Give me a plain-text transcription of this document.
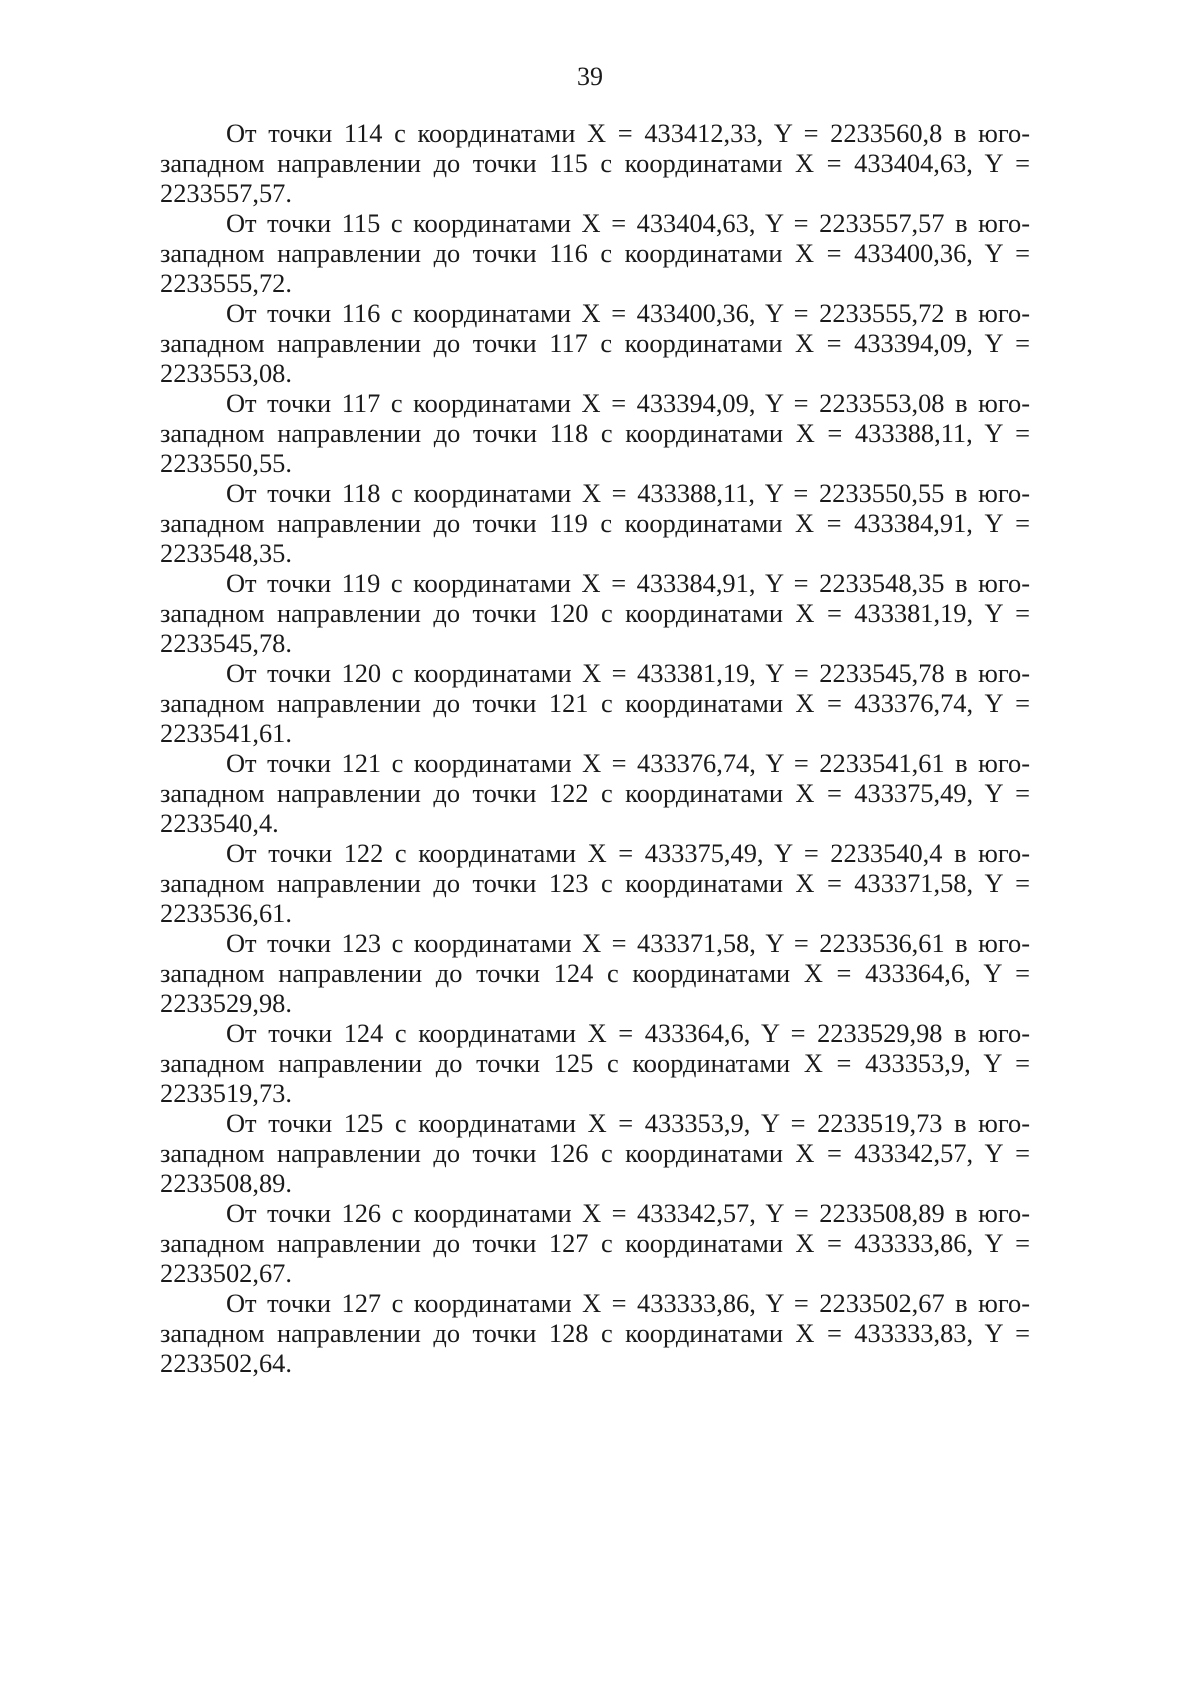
39

От точки 114 с координатами X = 433412,33, Y = 2233560,8 в юго-западном направлении до точки 115 с координатами X = 433404,63, Y = 2233557,57.

От точки 115 с координатами X = 433404,63, Y = 2233557,57 в юго-западном направлении до точки 116 с координатами X = 433400,36, Y = 2233555,72.

От точки 116 с координатами X = 433400,36, Y = 2233555,72 в юго-западном направлении до точки 117 с координатами X = 433394,09, Y = 2233553,08.

От точки 117 с координатами X = 433394,09, Y = 2233553,08 в юго-западном направлении до точки 118 с координатами X = 433388,11, Y = 2233550,55.

От точки 118 с координатами X = 433388,11, Y = 2233550,55 в юго-западном направлении до точки 119 с координатами X = 433384,91, Y = 2233548,35.

От точки 119 с координатами X = 433384,91, Y = 2233548,35 в юго-западном направлении до точки 120 с координатами X = 433381,19, Y = 2233545,78.

От точки 120 с координатами X = 433381,19, Y = 2233545,78 в юго-западном направлении до точки 121 с координатами X = 433376,74, Y = 2233541,61.

От точки 121 с координатами X = 433376,74, Y = 2233541,61 в юго-западном направлении до точки 122 с координатами X = 433375,49, Y = 2233540,4.

От точки 122 с координатами X = 433375,49, Y = 2233540,4 в юго-западном направлении до точки 123 с координатами X = 433371,58, Y = 2233536,61.

От точки 123 с координатами X = 433371,58, Y = 2233536,61 в юго-западном направлении до точки 124 с координатами X = 433364,6, Y = 2233529,98.

От точки 124 с координатами X = 433364,6, Y = 2233529,98 в юго-западном направлении до точки 125 с координатами X = 433353,9, Y = 2233519,73.

От точки 125 с координатами X = 433353,9, Y = 2233519,73 в юго-западном направлении до точки 126 с координатами X = 433342,57, Y = 2233508,89.

От точки 126 с координатами X = 433342,57, Y = 2233508,89 в юго-западном направлении до точки 127 с координатами X = 433333,86, Y = 2233502,67.

От точки 127 с координатами X = 433333,86, Y = 2233502,67 в юго-западном направлении до точки 128 с координатами X = 433333,83, Y = 2233502,64.
